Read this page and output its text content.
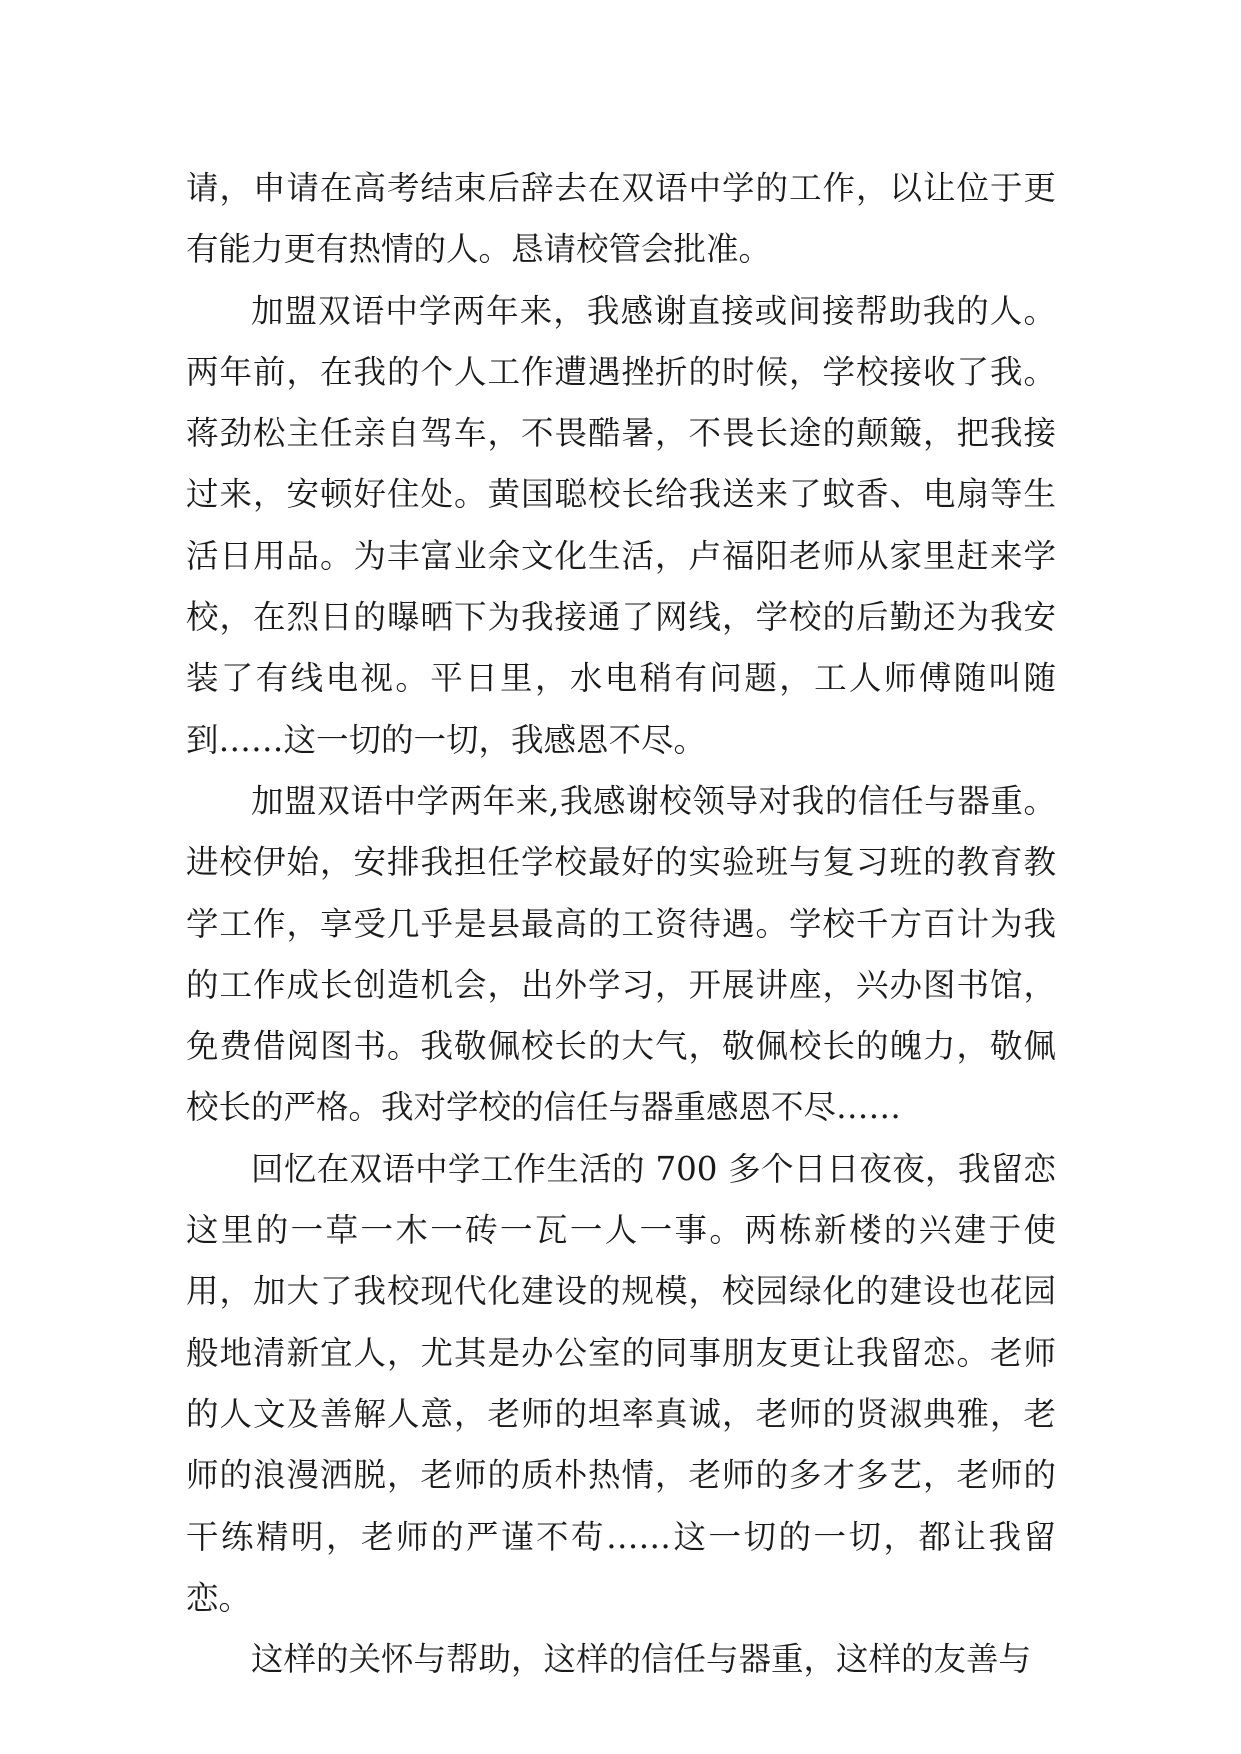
请，申请在高考结束后辞去在双语中学的工作，以让位于更有能力更有热情的人。恳请校管会批准。

加盟双语中学两年来，我感谢直接或间接帮助我的人。两年前，在我的个人工作遭遇挫折的时候，学校接收了我。蒋劲松主任亲自驾车，不畏酷暑，不畏长途的颠簸，把我接过来，安顿好住处。黄国聪校长给我送来了蚊香、电扇等生活日用品。为丰富业余文化生活，卢福阳老师从家里赶来学校，在烈日的曝晒下为我接通了网线，学校的后勤还为我安装了有线电视。平日里，水电稍有问题，工人师傅随叫随到……这一切的一切，我感恩不尽。

加盟双语中学两年来,我感谢校领导对我的信任与器重。进校伊始，安排我担任学校最好的实验班与复习班的教育教学工作，享受几乎是县最高的工资待遇。学校千方百计为我的工作成长创造机会，出外学习，开展讲座，兴办图书馆，免费借阅图书。我敬佩校长的大气，敬佩校长的魄力，敬佩校长的严格。我对学校的信任与器重感恩不尽……

回忆在双语中学工作生活的 700 多个日日夜夜，我留恋这里的一草一木一砖一瓦一人一事。两栋新楼的兴建于使用，加大了我校现代化建设的规模，校园绿化的建设也花园般地清新宜人，尤其是办公室的同事朋友更让我留恋。老师的人文及善解人意，老师的坦率真诚，老师的贤淑典雅，老师的浪漫洒脱，老师的质朴热情，老师的多才多艺，老师的干练精明，老师的严谨不苟……这一切的一切，都让我留恋。

这样的关怀与帮助，这样的信任与器重，这样的友善与
